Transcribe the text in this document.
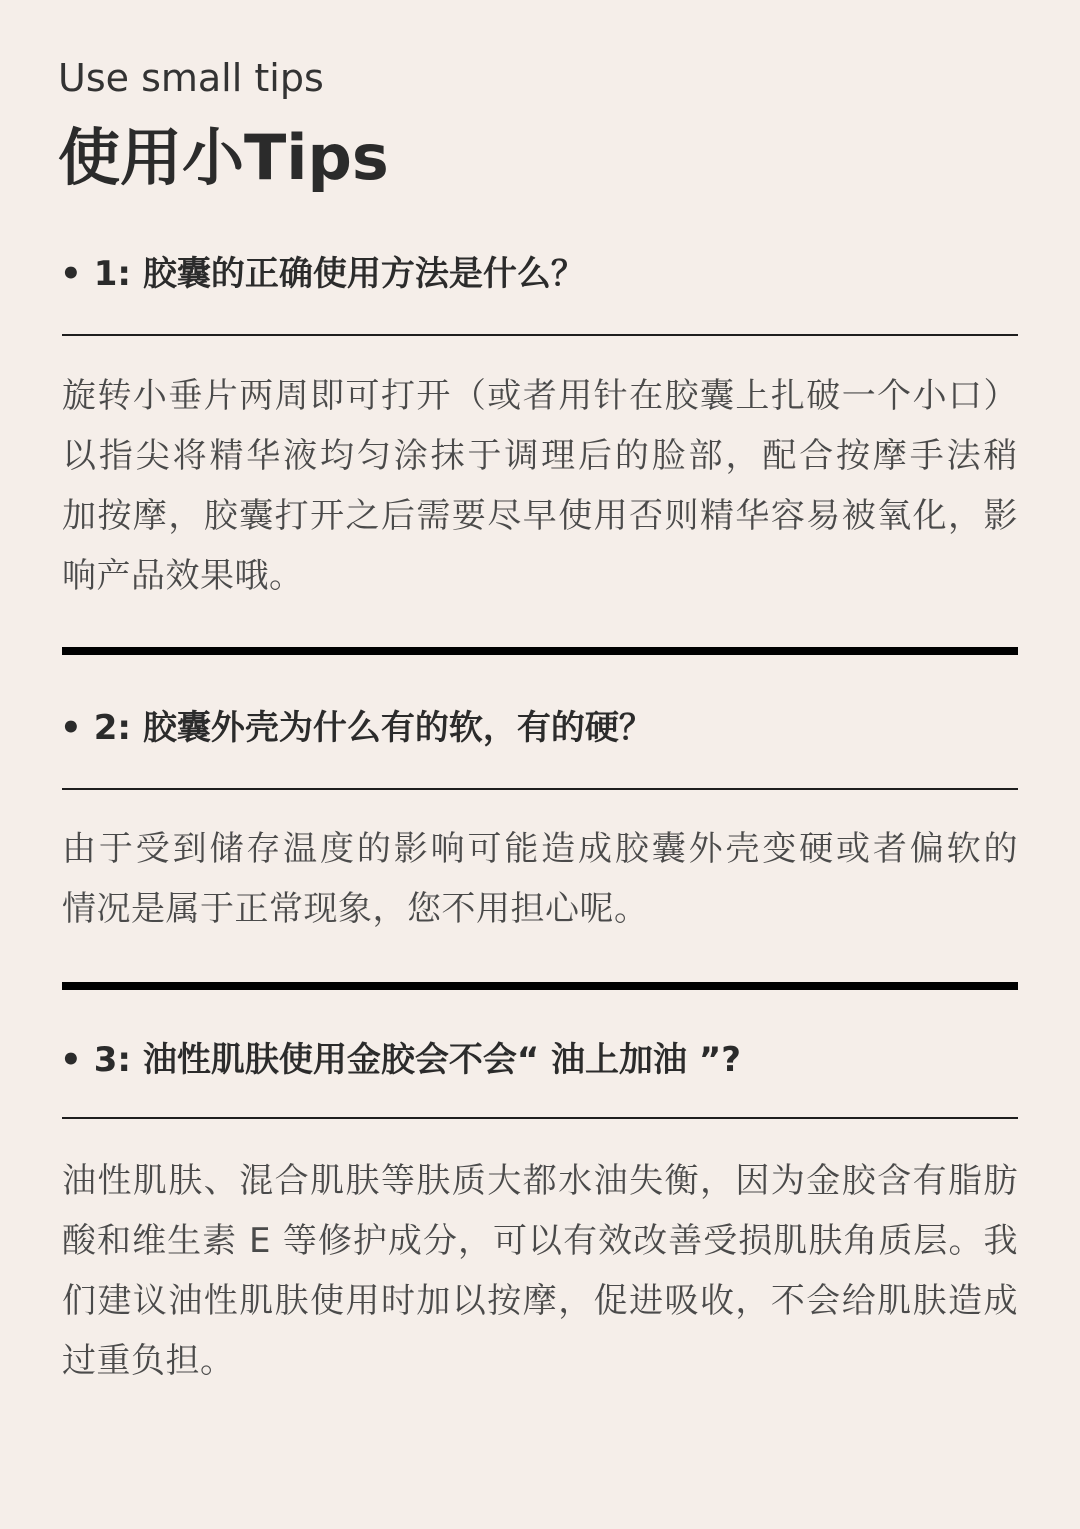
Use small tips
使用小Tips
• 1: 胶囊的正确使用方法是什么？
旋转小垂片两周即可打开（或者用针在胶囊上扎破一个小口）
以指尖将精华液均匀涂抹于调理后的脸部，配合按摩手法稍
加按摩，胶囊打开之后需要尽早使用否则精华容易被氧化，影
响产品效果哦。
• 2: 胶囊外壳为什么有的软，有的硬？
由于受到储存温度的影响可能造成胶囊外壳变硬或者偏软的
情况是属于正常现象，您不用担心呢。
• 3: 油性肌肤使用金胶会不会“ 油上加油 ”?
油性肌肤、混合肌肤等肤质大都水油失衡，因为金胶含有脂肪
酸和维生素 E 等修护成分，可以有效改善受损肌肤角质层。我
们建议油性肌肤使用时加以按摩，促进吸收，不会给肌肤造成
过重负担。
